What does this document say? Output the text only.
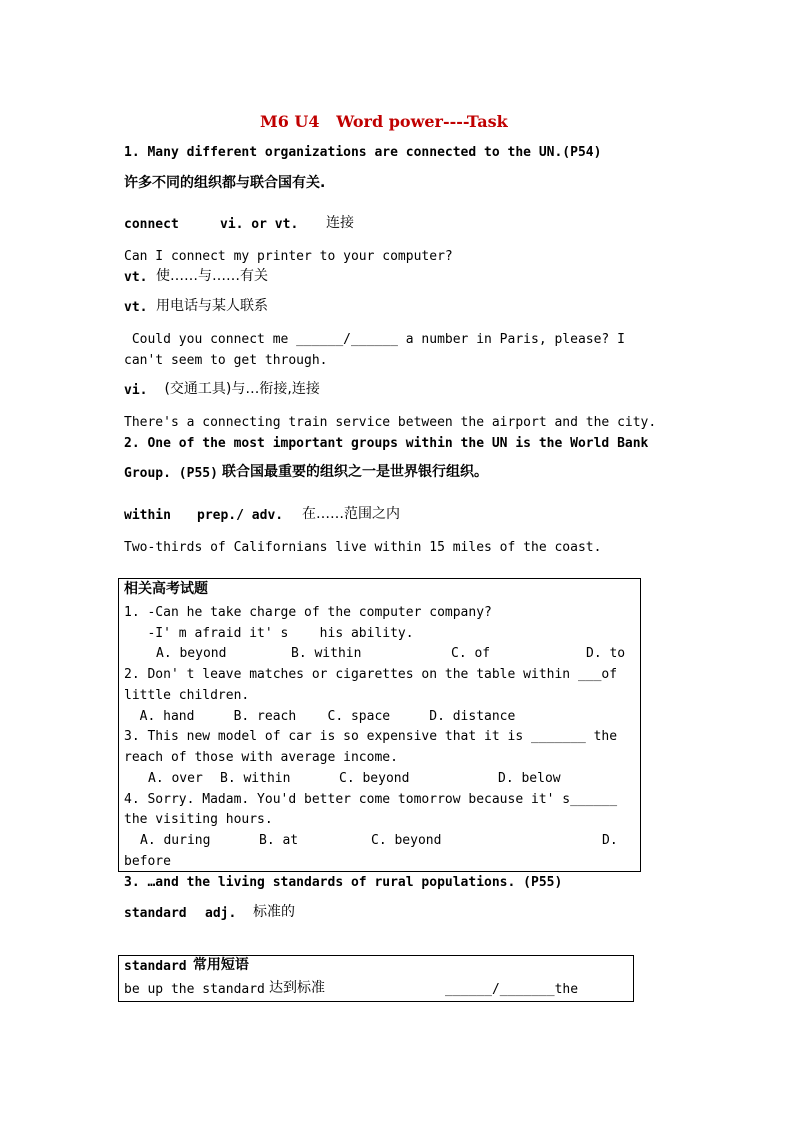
M6 U4   Word power----Task
1. Many different organizations are connected to the UN.(P54)
许多不同的组织都与联合国有关.
connect	vi. or vt. 连接
Can I connect my printer to your computer?
vt. 使……与……有关
vt. 用电话与某人联系
Could you connect me ______/______ a number in Paris, please? I
can't seem to get through.
vi. (交通工具)与…衔接,连接
There's a connecting train service between the airport and the city.
2. One of the most important groups within the UN is the World Bank
Group. (P55) 联合国最重要的组织之一是世界银行组织。
within prep./ adv. 在……范围之内
Two-thirds of Californians live within 15 miles of the coast.
相关高考试题
1. -Can he take charge of the computer company?
-I' m afraid it' s    his ability.
A. beyond	B. within	C. of	D. to
2. Don' t leave matches or cigarettes on the table within ___of
little children.
A. hand     B. reach    C. space     D. distance
3. This new model of car is so expensive that it is _______ the
reach of those with average income.
A. over B. within	C. beyond	D. below
4. Sorry. Madam. You'd better come tomorrow because it' s______
the visiting hours.
A. during	B. at	C. beyond	D.
before
3. …and the living standards of rural populations. (P55)
standard adj. 标准的
standard 常用短语
be up the standard 达到标准	______/_______the
